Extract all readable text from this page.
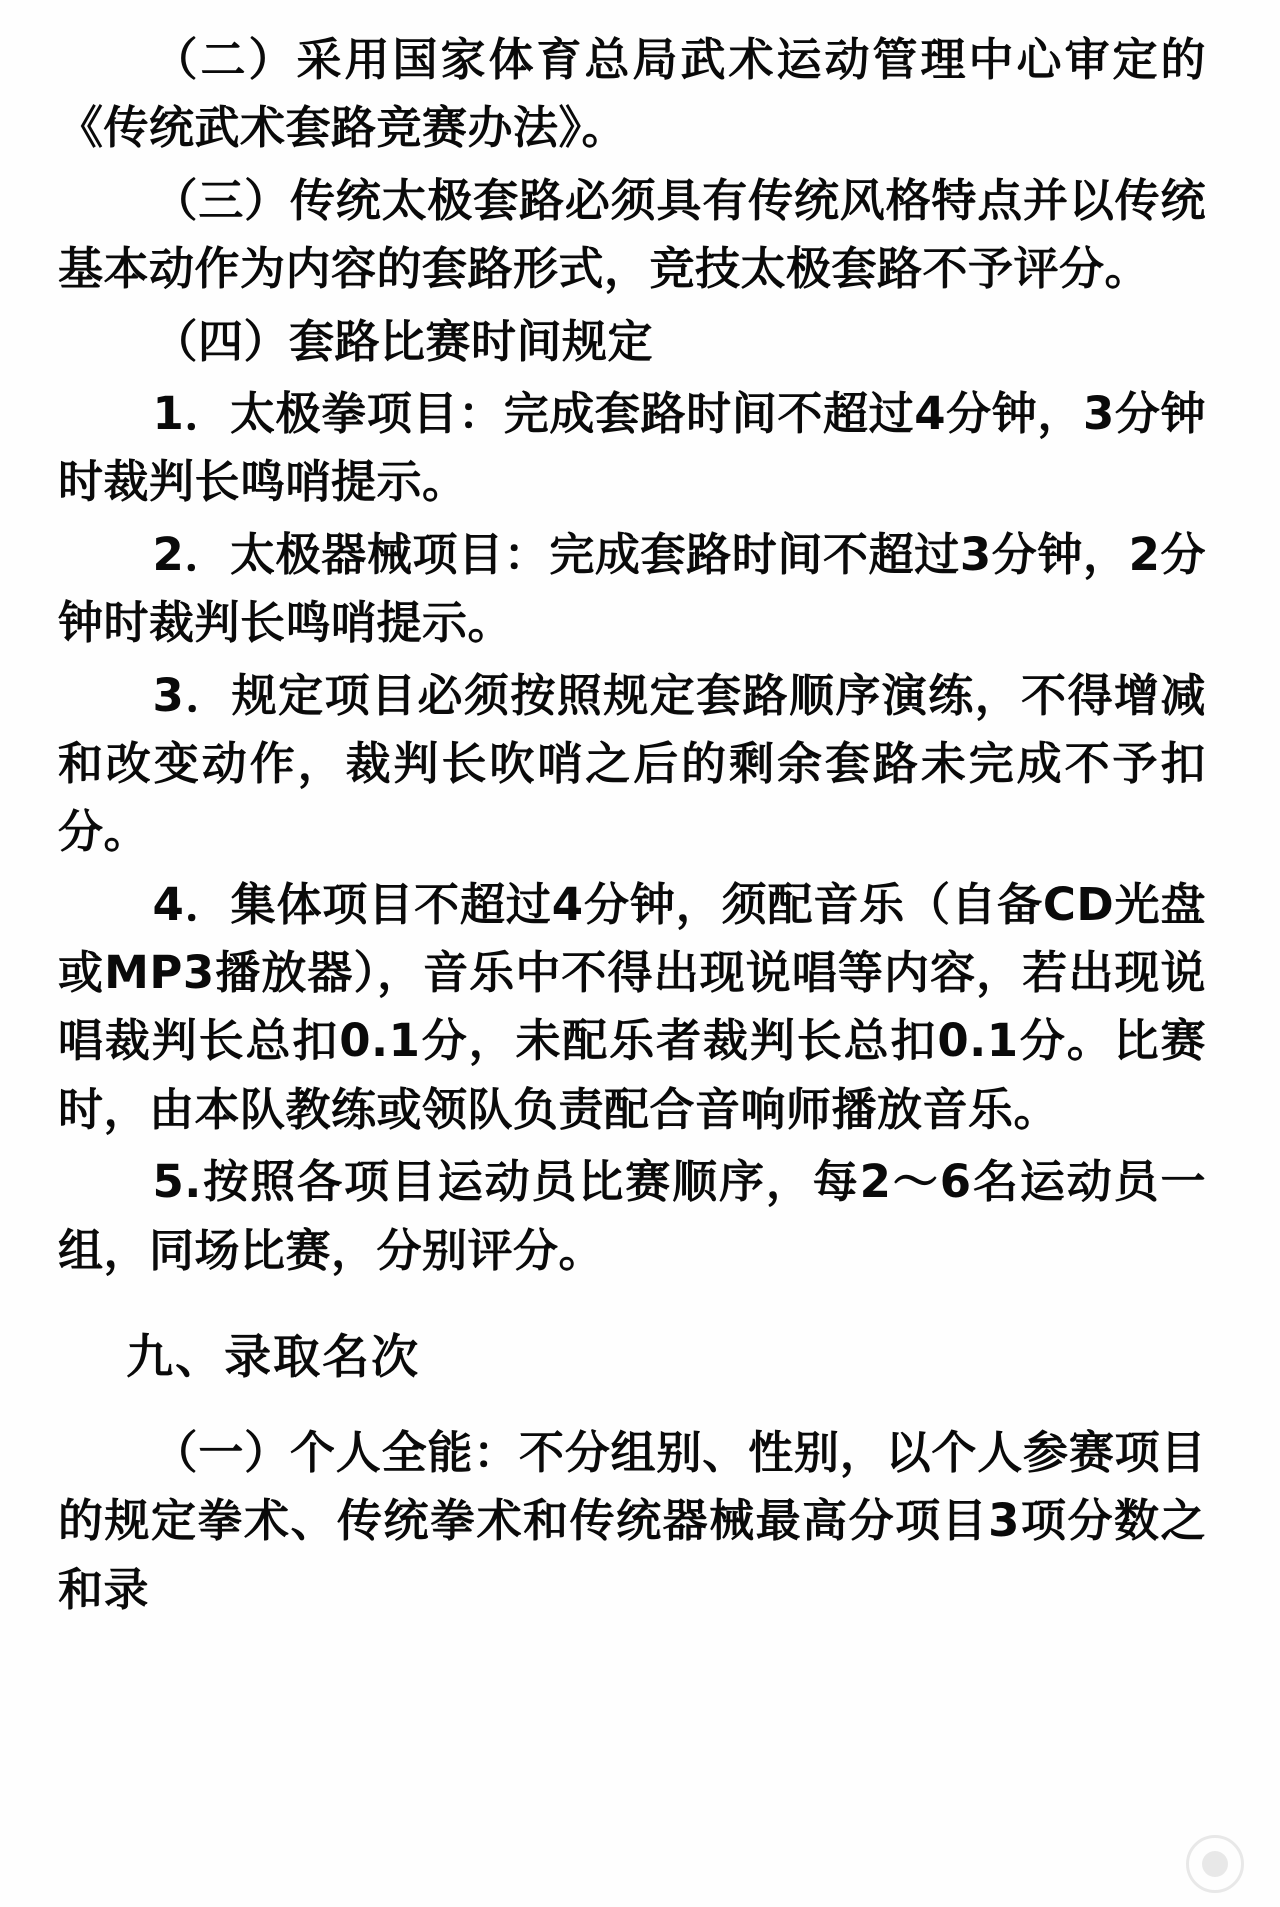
（二）采用国家体育总局武术运动管理中心审定的《传统武术套路竞赛办法》。

（三）传统太极套路必须具有传统风格特点并以传统基本动作为内容的套路形式，竞技太极套路不予评分。

（四）套路比赛时间规定

1．太极拳项目：完成套路时间不超过4分钟，3分钟时裁判长鸣哨提示。

2．太极器械项目：完成套路时间不超过3分钟，2分钟时裁判长鸣哨提示。

3．规定项目必须按照规定套路顺序演练，不得增减和改变动作，裁判长吹哨之后的剩余套路未完成不予扣分。

4．集体项目不超过4分钟，须配音乐（自备CD光盘或MP3播放器），音乐中不得出现说唱等内容，若出现说唱裁判长总扣0.1分，未配乐者裁判长总扣0.1分。比赛时，由本队教练或领队负责配合音响师播放音乐。

5.按照各项目运动员比赛顺序，每2～6名运动员一组，同场比赛，分别评分。

九、录取名次

（一）个人全能：不分组别、性别，以个人参赛项目的规定拳术、传统拳术和传统器械最高分项目3项分数之和录
